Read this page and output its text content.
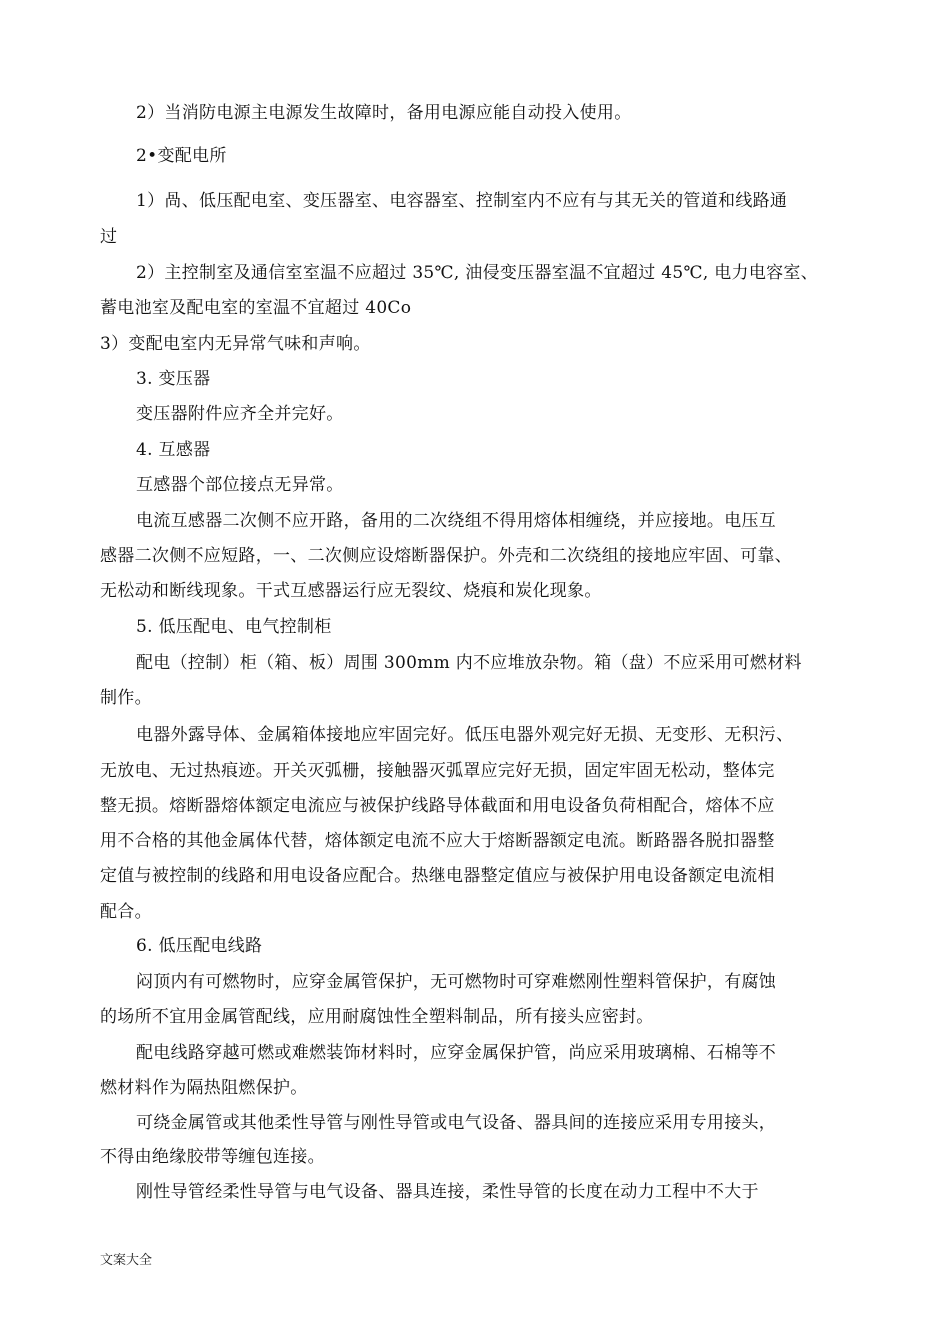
2）当消防电源主电源发生故障时，备用电源应能自动投入使用。

2•变配电所

1）咼、低压配电室、变压器室、电容器室、控制室内不应有与其无关的管道和线路通

过

2）主控制室及通信室室温不应超过 35℃, 油侵变压器室温不宜超过 45℃, 电力电容室、

蓄电池室及配电室的室温不宜超过 40Co

3）变配电室内无异常气味和声响。

3. 变压器

变压器附件应齐全并完好。

4. 互感器

互感器个部位接点无异常。

电流互感器二次侧不应开路，备用的二次绕组不得用熔体相缠绕，并应接地。电压互

感器二次侧不应短路，一、二次侧应设熔断器保护。外壳和二次绕组的接地应牢固、可靠、

无松动和断线现象。干式互感器运行应无裂纹、烧痕和炭化现象。

5. 低压配电、电气控制柜

配电（控制）柜（箱、板）周围 300mm 内不应堆放杂物。箱（盘）不应采用可燃材料

制作。

电器外露导体、金属箱体接地应牢固完好。低压电器外观完好无损、无变形、无积污、

无放电、无过热痕迹。开关灭弧栅，接触器灭弧罩应完好无损，固定牢固无松动，整体完

整无损。熔断器熔体额定电流应与被保护线路导体截面和用电设备负荷相配合，熔体不应

用不合格的其他金属体代替，熔体额定电流不应大于熔断器额定电流。断路器各脱扣器整

定值与被控制的线路和用电设备应配合。热继电器整定值应与被保护用电设备额定电流相

配合。

6. 低压配电线路

闷顶内有可燃物时，应穿金属管保护，无可燃物时可穿难燃刚性塑料管保护，有腐蚀

的场所不宜用金属管配线，应用耐腐蚀性全塑料制品，所有接头应密封。

配电线路穿越可燃或难燃装饰材料时，应穿金属保护管，尚应采用玻璃棉、石棉等不

燃材料作为隔热阻燃保护。

可绕金属管或其他柔性导管与刚性导管或电气设备、器具间的连接应采用专用接头，

不得由绝缘胶带等缠包连接。

刚性导管经柔性导管与电气设备、器具连接，柔性导管的长度在动力工程中不大于

文案大全
